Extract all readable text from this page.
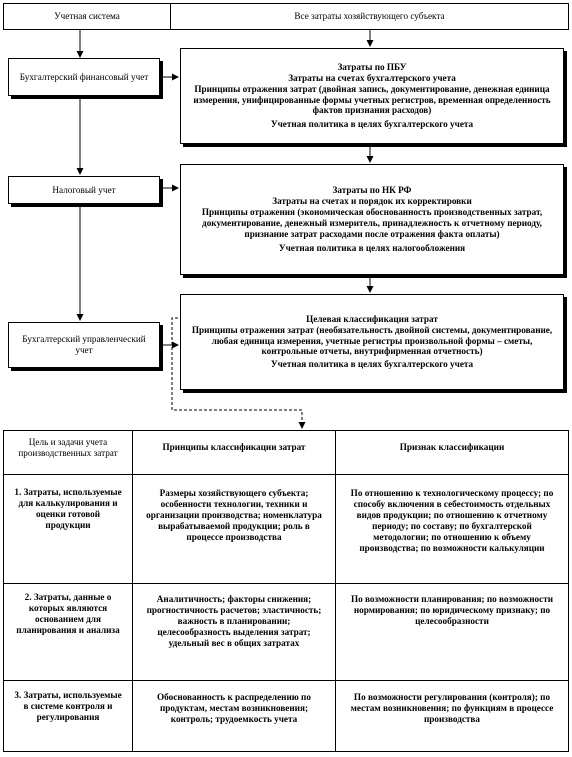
Учетная система	Все затраты хозяйствующего субъекта
Бухгалтерский финансовый учет
Налоговый учет
Бухгалтерский управленческий учет
Затраты по ПБУ
Затраты на счетах бухгалтерского учета
Принципы отражения затрат (двойная запись, документирование, денежная единица измерения, унифицированные формы учетных регистров, временная определенность фактов признания расходов)
Учетная политика в целях бухгалтерского учета
Затраты по НК РФ
Затраты на счетах и порядок их корректировки
Принципы отражения (экономическая обоснованность производственных затрат, документирование, денежный измеритель, принадлежность к отчетному периоду, признание затрат расходами после отражения факта оплаты)
Учетная политика в целях налогообложения
Целевая классификация затрат
Принципы отражения затрат (необязательность двойной системы, документирование, любая единица измерения, учетные регистры произвольной формы – сметы, контрольные отчеты, внутрифирменная отчетность)
Учетная политика в целях бухгалтерского учета
Цель и задачи учета производственных затрат
Принципы классификации затрат	Признак классификации
1. Затраты, используемые для калькулирования и оценки готовой продукции
Размеры хозяйствующего субъекта; особенности технологии, техники и организации производства; номенклатура вырабатываемой продукции; роль в процессе производства
По отношению к технологическому процессу; по способу включения в себестоимость отдельных видов продукции; по отношению к отчетному периоду; по составу; по бухгалтерской методологии; по отношению к объему производства; по возможности калькуляции
2. Затраты, данные о которых являются основанием для планирования и анализа
Аналитичность; факторы снижения; прогностичность расчетов; эластичность; важность в планировании; целесообразность выделения затрат; удельный вес в общих затратах
По возможности планирования; по возможности нормирования; по юридическому признаку; по целесообразности
3. Затраты, используемые в системе контроля и регулирования
Обоснованность к распределению по продуктам, местам возникновения; контроль; трудоемкость учета
По возможности регулирования (контроля); по местам возникновения; по функциям в процессе производства
